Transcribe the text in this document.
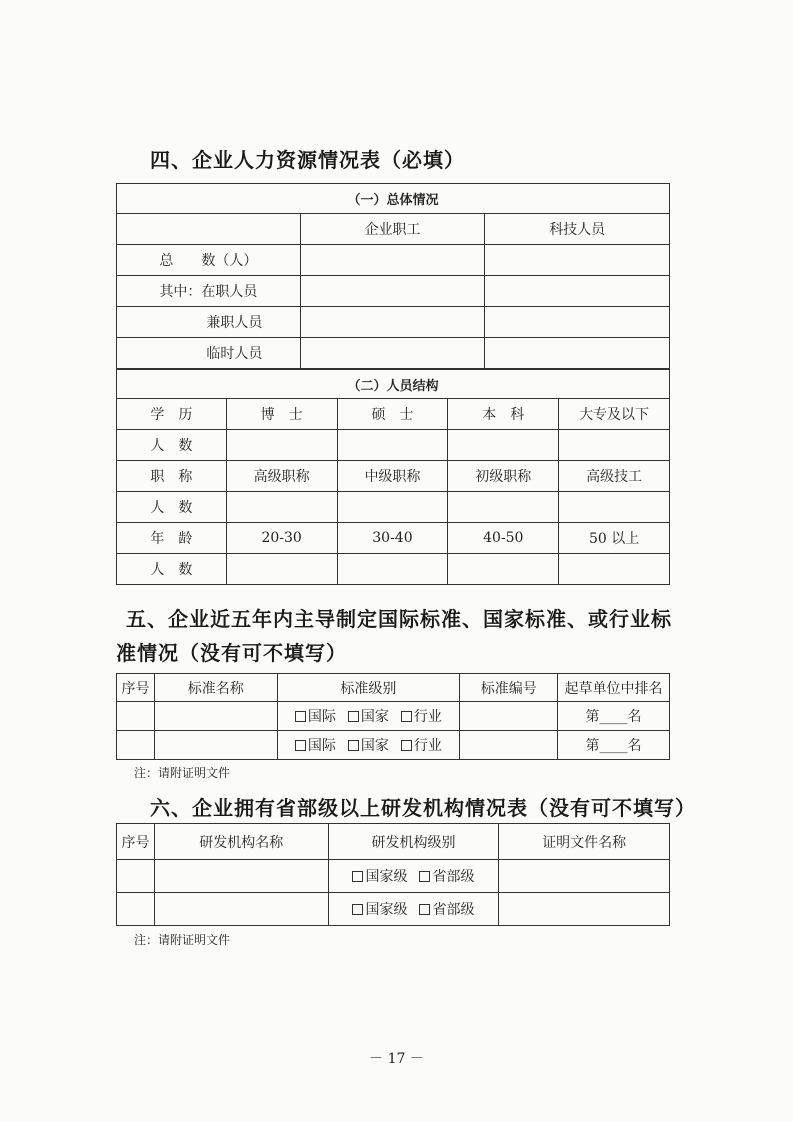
四、企业人力资源情况表（必填）
（一）总体情况		
	企业职工	科技人员
总　　数（人）		
其中：在职人员		
兼职人员		
临时人员		
（二）人员结构				
学　历	博　士	硕　士	本　科	大专及以下
人　数				
职　称	高级职称	中级职称	初级职称	高级技工
人　数				
年　龄	20-30	30-40	40-50	50 以上
人　数				
五、企业近五年内主导制定国际标准、国家标准、或行业标
准情况（没有可不填写）
序号	标准名称	标准级别	标准编号	起草单位中排名
		国际 国家 行业		第____名
		国际 国家 行业		第____名
注：请附证明文件
六、企业拥有省部级以上研发机构情况表（没有可不填写）
序号	研发机构名称	研发机构级别	证明文件名称
		国家级 省部级	
		国家级 省部级	
注：请附证明文件
－ 17 －
